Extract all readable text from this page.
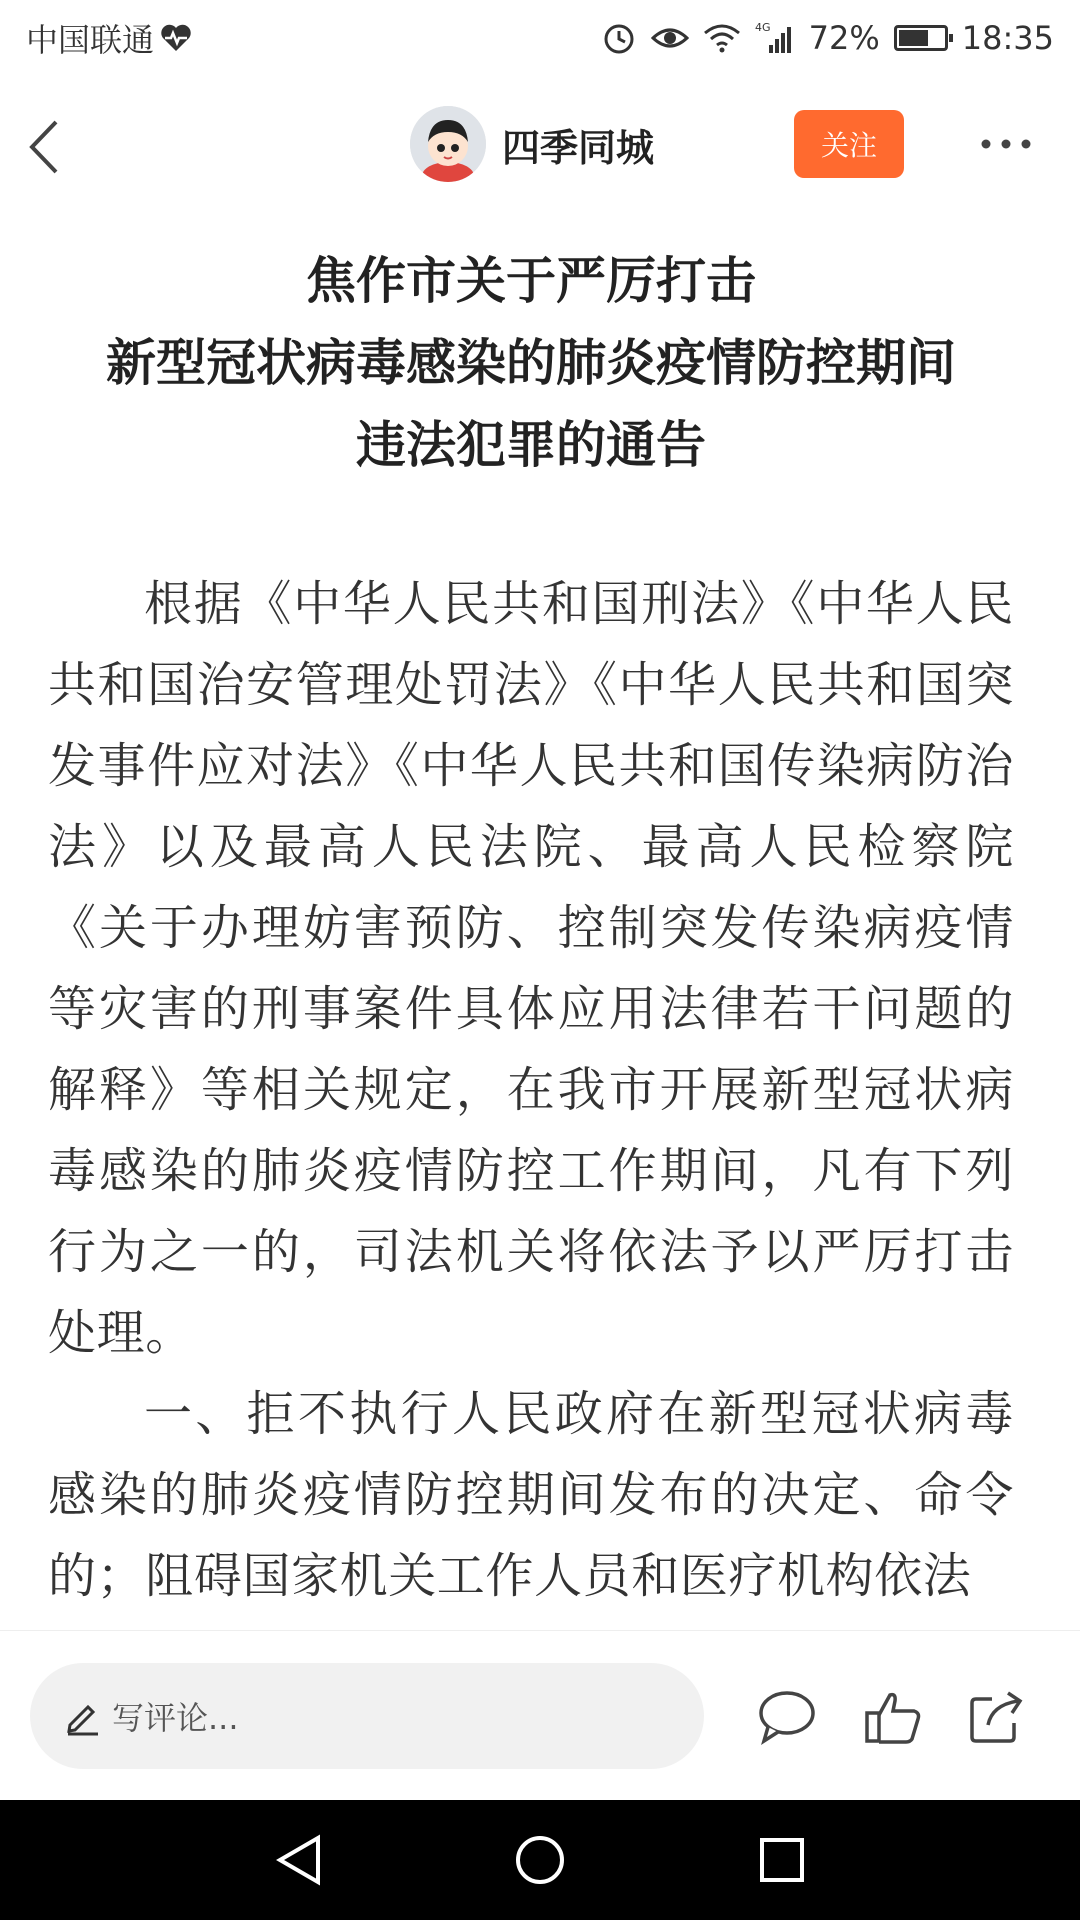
中国联通	4G 72%	18:35
四季同城	关注
焦作市关于严厉打击
新型冠状病毒感染的肺炎疫情防控期间
违法犯罪的通告

根据《中华人民共和国刑法》《中华人民共和国治安管理处罚法》《中华人民共和国突发事件应对法》《中华人民共和国传染病防治法》以及最高人民法院、最高人民检察院《关于办理妨害预防、控制突发传染病疫情等灾害的刑事案件具体应用法律若干问题的解释》等相关规定，在我市开展新型冠状病毒感染的肺炎疫情防控工作期间，凡有下列行为之一的，司法机关将依法予以严厉打击处理。

一、拒不执行人民政府在新型冠状病毒感染的肺炎疫情防控期间发布的决定、命令的；阻碍国家机关工作人员和医疗机构依法

写评论...
